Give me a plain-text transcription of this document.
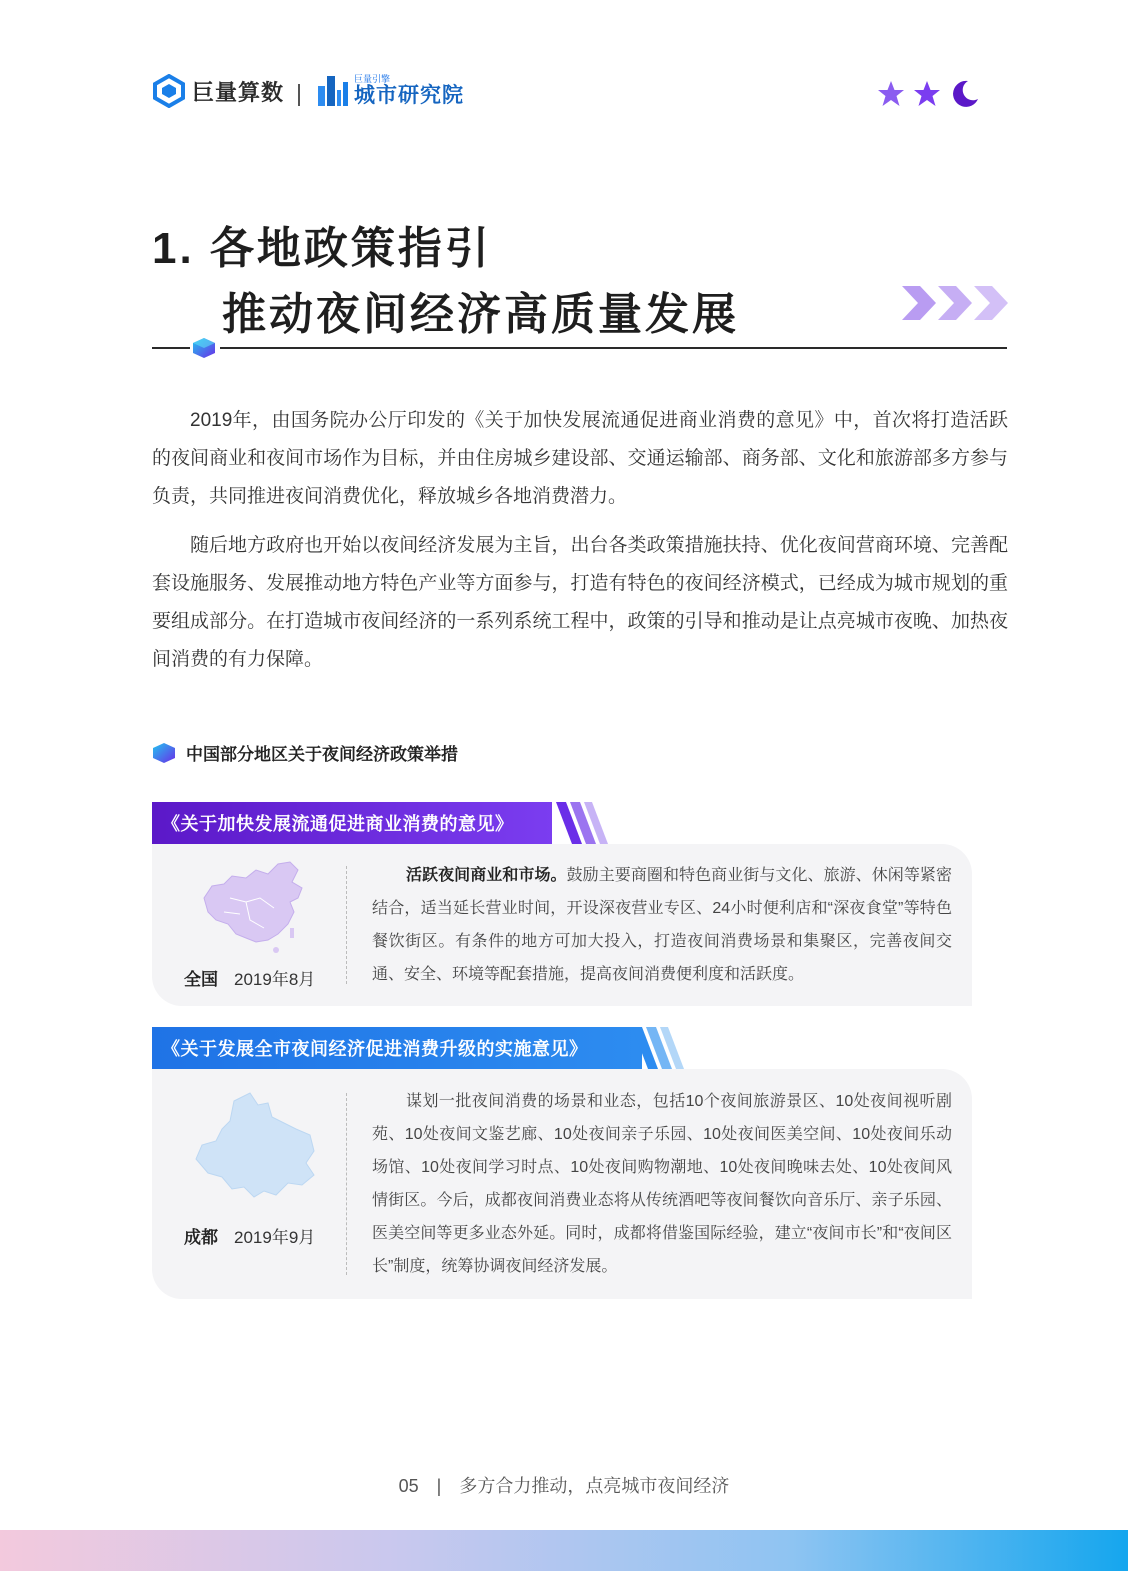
巨量算数
巨量引擎
城市研究院
1. 各地政策指引
推动夜间经济高质量发展
2019年，由国务院办公厅印发的《关于加快发展流通促进商业消费的意见》中，首次将打造活跃的夜间商业和夜间市场作为目标，并由住房城乡建设部、交通运输部、商务部、文化和旅游部多方参与负责，共同推进夜间消费优化，释放城乡各地消费潜力。
随后地方政府也开始以夜间经济发展为主旨，出台各类政策措施扶持、优化夜间营商环境、完善配套设施服务、发展推动地方特色产业等方面参与，打造有特色的夜间经济模式，已经成为城市规划的重要组成部分。在打造城市夜间经济的一系列系统工程中，政策的引导和推动是让点亮城市夜晚、加热夜间消费的有力保障。
中国部分地区关于夜间经济政策举措
《关于加快发展流通促进商业消费的意见》
全国 2019年8月
活跃夜间商业和市场。鼓励主要商圈和特色商业街与文化、旅游、休闲等紧密结合，适当延长营业时间，开设深夜营业专区、24小时便利店和“深夜食堂”等特色餐饮街区。有条件的地方可加大投入，打造夜间消费场景和集聚区，完善夜间交通、安全、环境等配套措施，提高夜间消费便利度和活跃度。
《关于发展全市夜间经济促进消费升级的实施意见》
成都 2019年9月
谋划一批夜间消费的场景和业态，包括10个夜间旅游景区、10处夜间视听剧苑、10处夜间文鉴艺廊、10处夜间亲子乐园、10处夜间医美空间、10处夜间乐动场馆、10处夜间学习时点、10处夜间购物潮地、10处夜间晚味去处、10处夜间风情街区。今后，成都夜间消费业态将从传统酒吧等夜间餐饮向音乐厅、亲子乐园、医美空间等更多业态外延。同时，成都将借鉴国际经验，建立“夜间市长”和“夜间区长”制度，统筹协调夜间经济发展。
05 | 多方合力推动，点亮城市夜间经济
